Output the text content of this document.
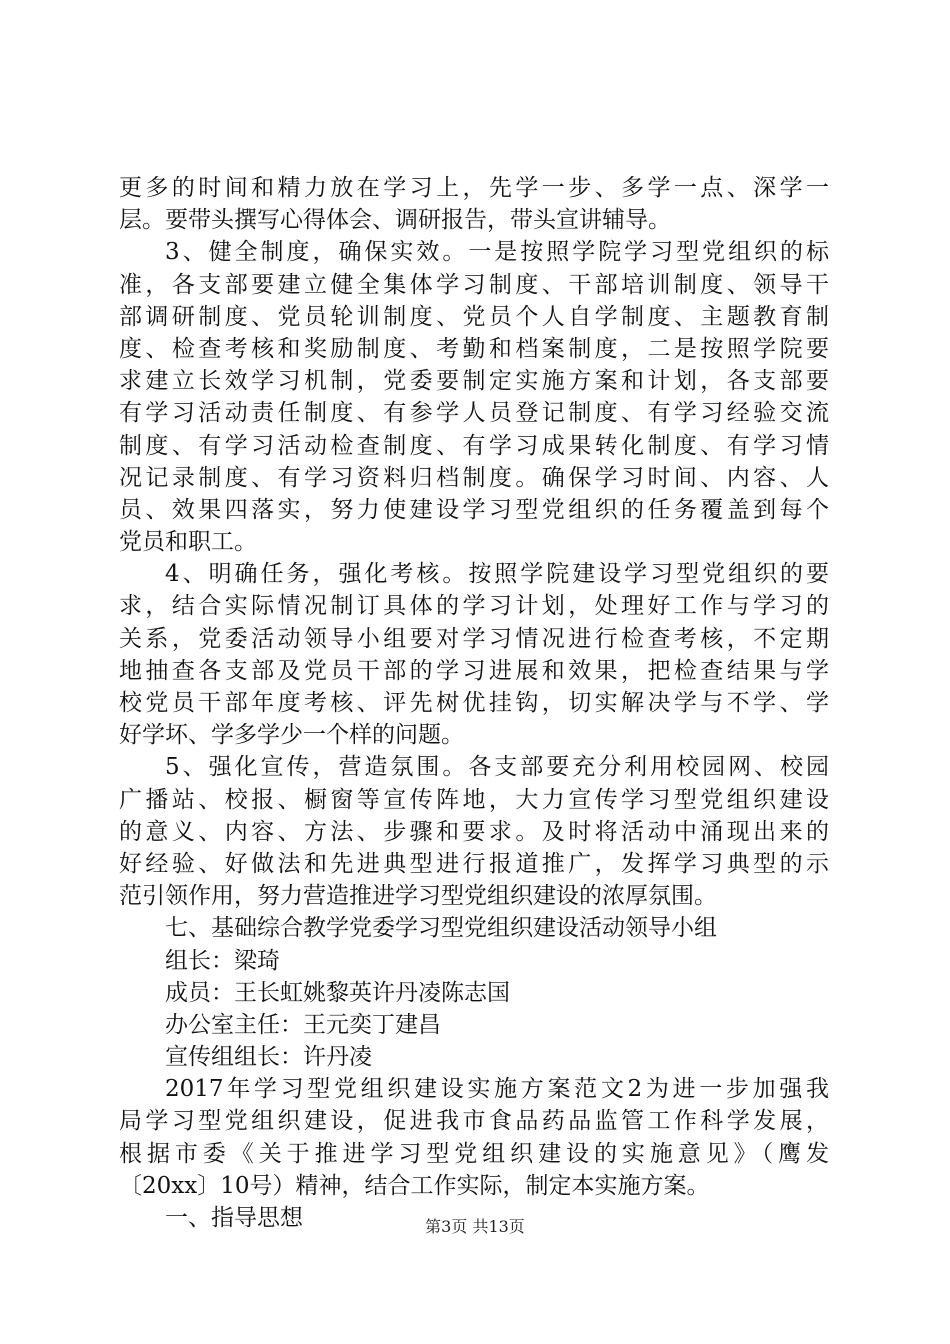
更多的时间和精力放在学习上，先学一步、多学一点、深学一
层。要带头撰写心得体会、调研报告，带头宣讲辅导。
3、健全制度，确保实效。一是按照学院学习型党组织的标
准，各支部要建立健全集体学习制度、干部培训制度、领导干
部调研制度、党员轮训制度、党员个人自学制度、主题教育制
度、检查考核和奖励制度、考勤和档案制度，二是按照学院要
求建立长效学习机制，党委要制定实施方案和计划，各支部要
有学习活动责任制度、有参学人员登记制度、有学习经验交流
制度、有学习活动检查制度、有学习成果转化制度、有学习情
况记录制度、有学习资料归档制度。确保学习时间、内容、人
员、效果四落实，努力使建设学习型党组织的任务覆盖到每个
党员和职工。
4、明确任务，强化考核。按照学院建设学习型党组织的要
求，结合实际情况制订具体的学习计划，处理好工作与学习的
关系，党委活动领导小组要对学习情况进行检查考核，不定期
地抽查各支部及党员干部的学习进展和效果，把检查结果与学
校党员干部年度考核、评先树优挂钩，切实解决学与不学、学
好学坏、学多学少一个样的问题。
5、强化宣传，营造氛围。各支部要充分利用校园网、校园
广播站、校报、橱窗等宣传阵地，大力宣传学习型党组织建设
的意义、内容、方法、步骤和要求。及时将活动中涌现出来的
好经验、好做法和先进典型进行报道推广，发挥学习典型的示
范引领作用，努力营造推进学习型党组织建设的浓厚氛围。
七、基础综合教学党委学习型党组织建设活动领导小组
组长：梁琦
成员：王长虹姚黎英许丹凌陈志国
办公室主任：王元奕丁建昌
宣传组组长：许丹凌
2017年学习型党组织建设实施方案范文2为进一步加强我
局学习型党组织建设，促进我市食品药品监管工作科学发展，
根据市委《关于推进学习型党组织建设的实施意见》（鹰发
〔20xx〕10号）精神，结合工作实际，制定本实施方案。
一、指导思想	第3页 共13页
